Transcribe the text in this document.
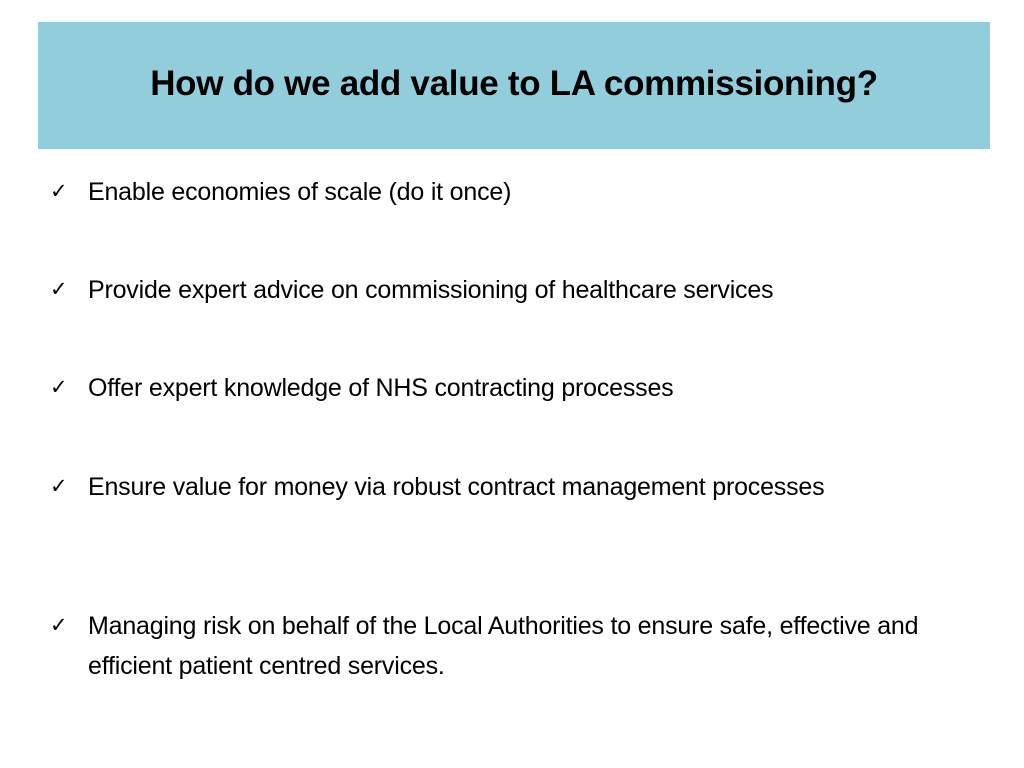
How do we add value to LA commissioning?
✓ Enable economies of scale (do it once)
✓ Provide expert advice on commissioning of healthcare services
✓ Offer expert knowledge of NHS contracting processes
✓ Ensure value for money via robust contract management processes
✓ Managing risk on behalf of the Local Authorities to ensure safe, effective and efficient patient centred services.
